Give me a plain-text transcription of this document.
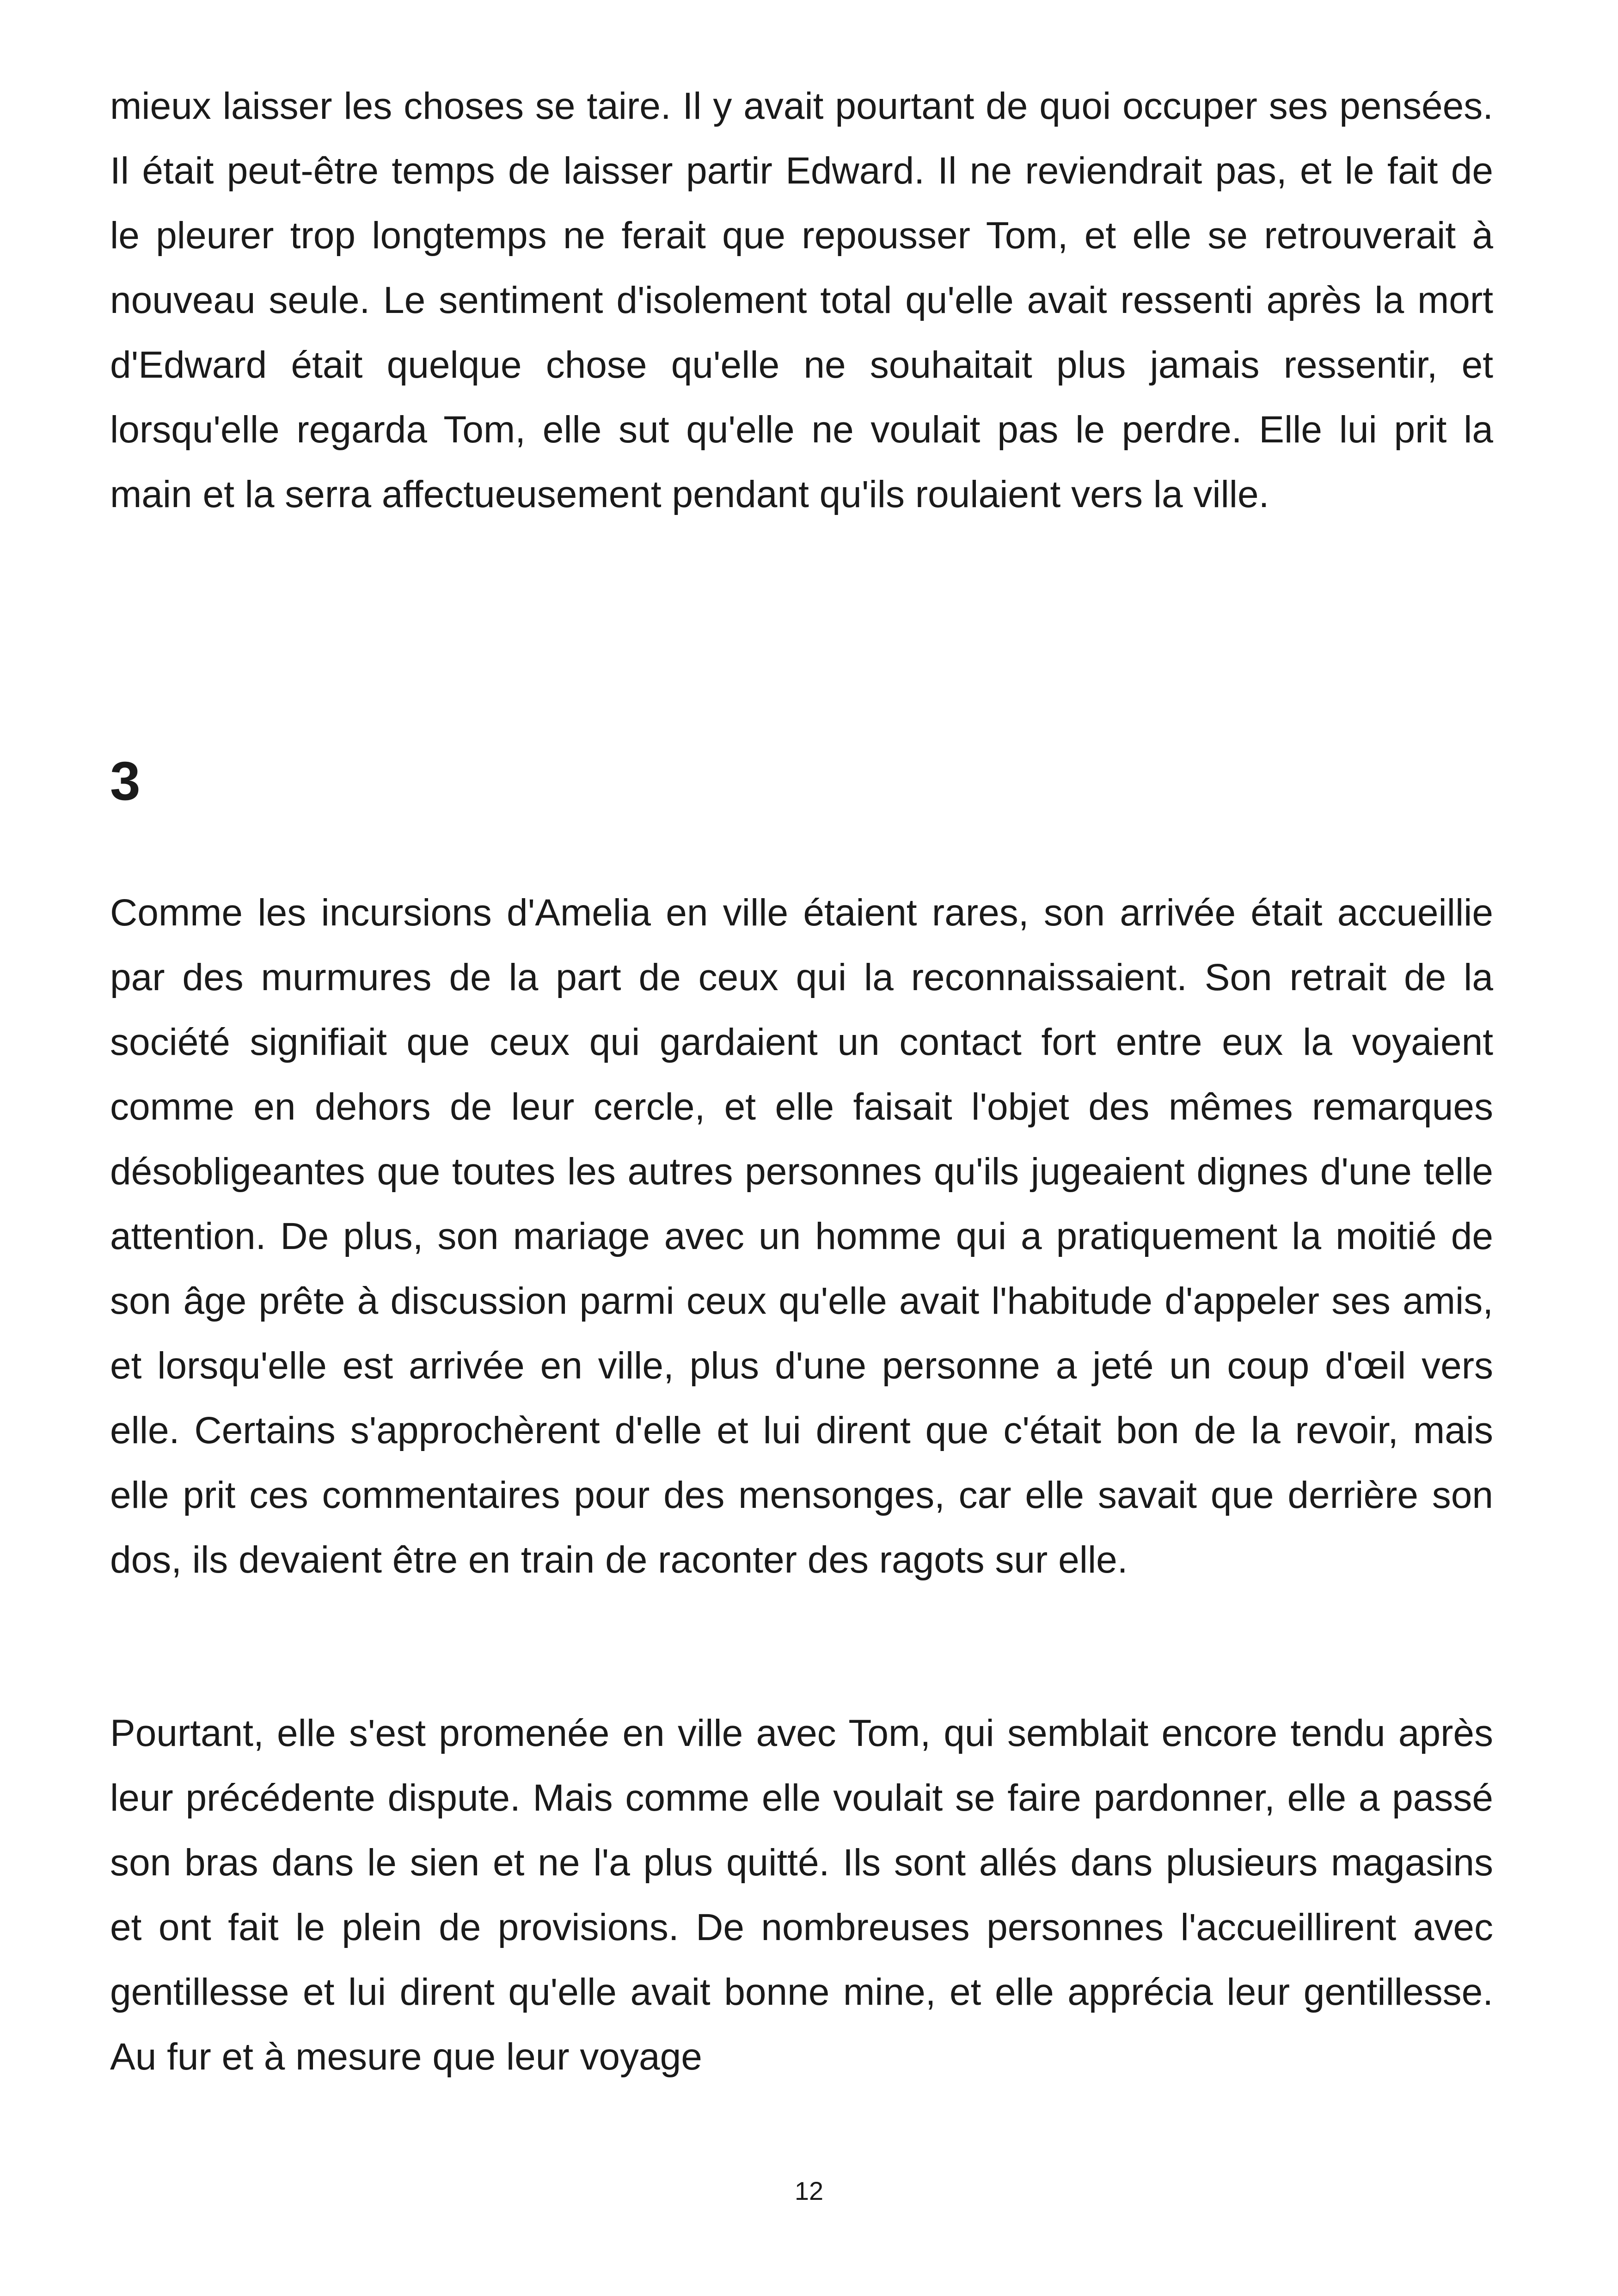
mieux laisser les choses se taire. Il y avait pourtant de quoi occuper ses pensées. Il était peut-être temps de laisser partir Edward. Il ne reviendrait pas, et le fait de le pleurer trop longtemps ne ferait que repousser Tom, et elle se retrouverait à nouveau seule. Le sentiment d'isolement total qu'elle avait ressenti après la mort d'Edward était quelque chose qu'elle ne souhaitait plus jamais ressentir, et lorsqu'elle regarda Tom, elle sut qu'elle ne voulait pas le perdre. Elle lui prit la main et la serra affectueusement pendant qu'ils roulaient vers la ville.

3

Comme les incursions d'Amelia en ville étaient rares, son arrivée était accueillie par des murmures de la part de ceux qui la reconnaissaient. Son retrait de la société signifiait que ceux qui gardaient un contact fort entre eux la voyaient comme en dehors de leur cercle, et elle faisait l'objet des mêmes remarques désobligeantes que toutes les autres personnes qu'ils jugeaient dignes d'une telle attention. De plus, son mariage avec un homme qui a pratiquement la moitié de son âge prête à discussion parmi ceux qu'elle avait l'habitude d'appeler ses amis, et lorsqu'elle est arrivée en ville, plus d'une personne a jeté un coup d'œil vers elle. Certains s'approchèrent d'elle et lui dirent que c'était bon de la revoir, mais elle prit ces commentaires pour des mensonges, car elle savait que derrière son dos, ils devaient être en train de raconter des ragots sur elle.

Pourtant, elle s'est promenée en ville avec Tom, qui semblait encore tendu après leur précédente dispute. Mais comme elle voulait se faire pardonner, elle a passé son bras dans le sien et ne l'a plus quitté. Ils sont allés dans plusieurs magasins et ont fait le plein de provisions. De nombreuses personnes l'accueillirent avec gentillesse et lui dirent qu'elle avait bonne mine, et elle apprécia leur gentillesse. Au fur et à mesure que leur voyage

12
